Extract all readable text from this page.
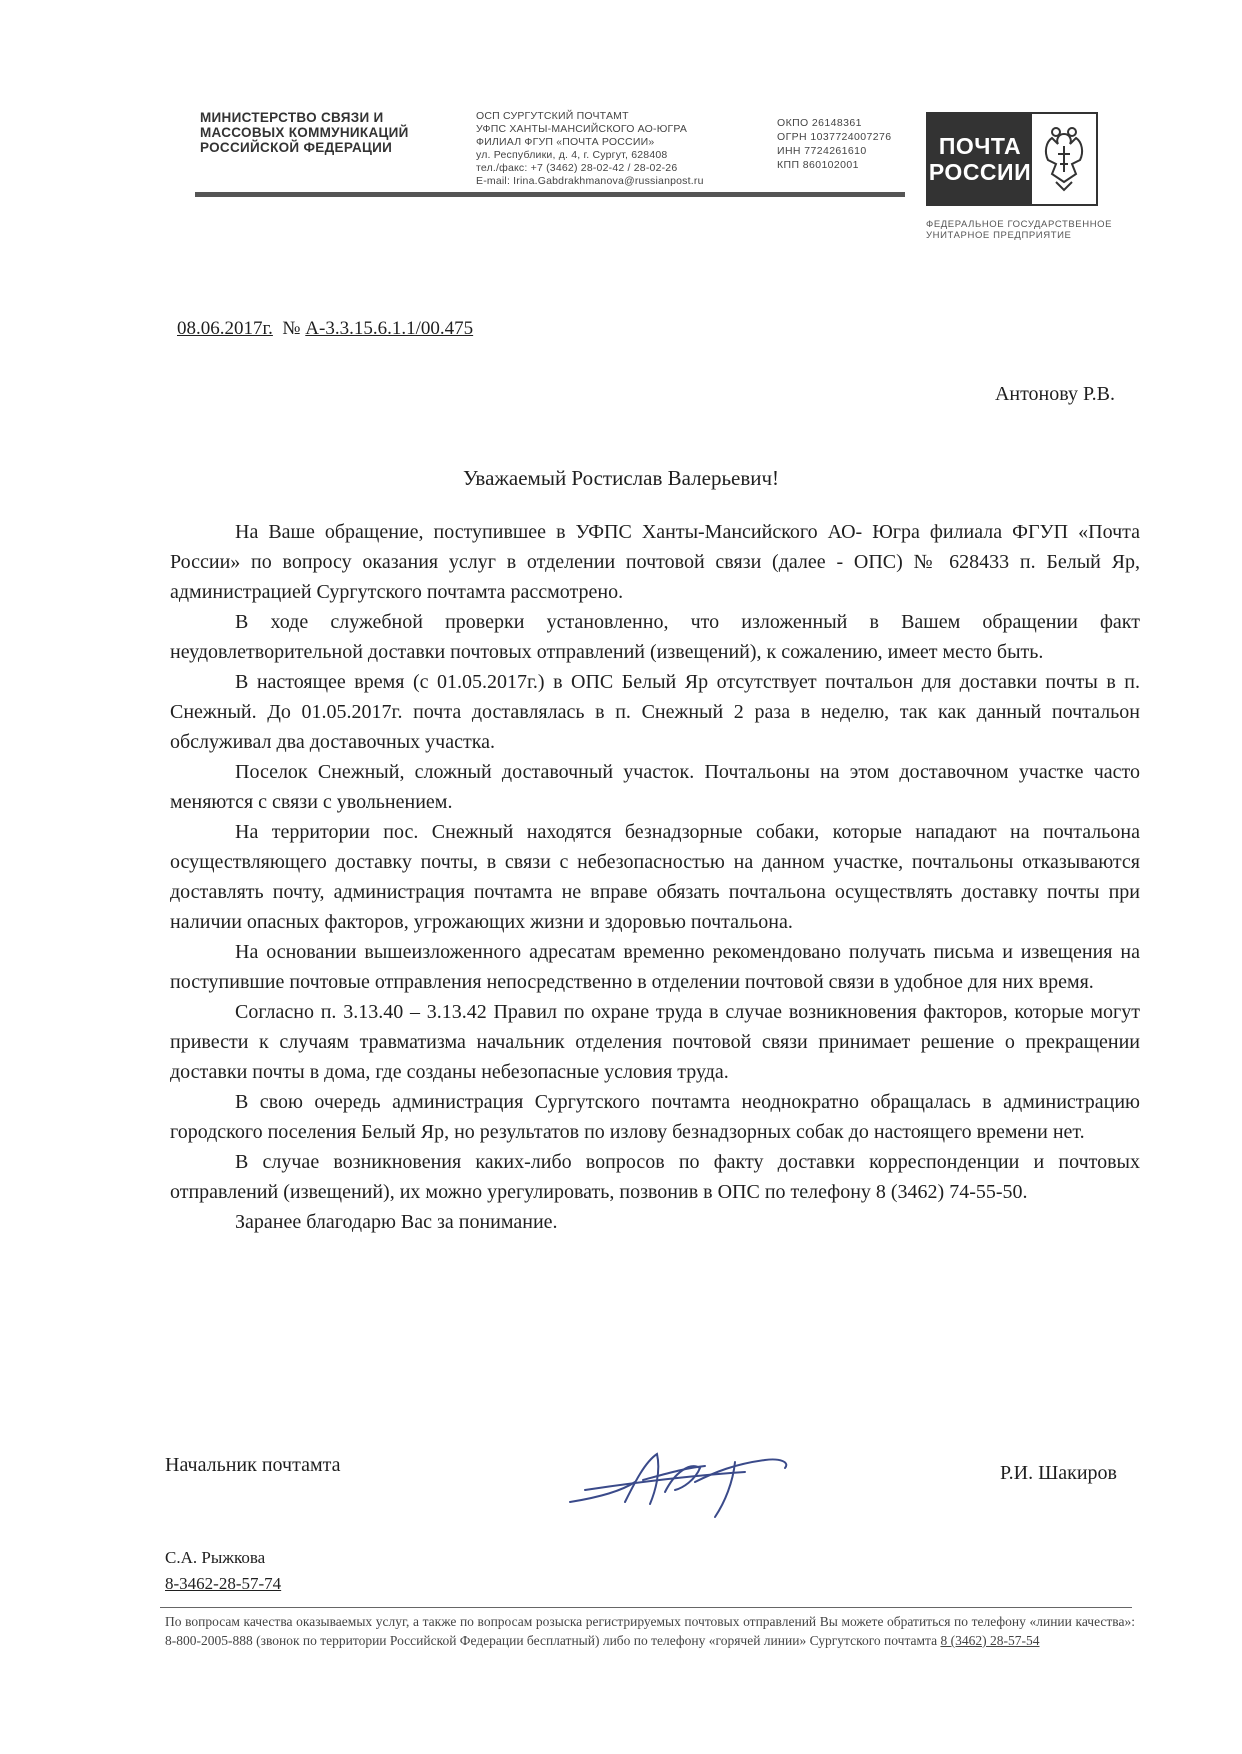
МИНИСТЕРСТВО СВЯЗИ И
МАССОВЫХ КОММУНИКАЦИЙ
РОССИЙСКОЙ ФЕДЕРАЦИИ
ОСП СУРГУТСКИЙ ПОЧТАМТ
УФПС ХАНТЫ-МАНСИЙСКОГО АО-ЮГРА
ФИЛИАЛ ФГУП «ПОЧТА РОССИИ»
ул. Республики, д. 4, г. Сургут, 628408
тел./факс: +7 (3462) 28-02-42 / 28-02-26
E-mail: Irina.Gabdrakhmanova@russianpost.ru
ОКПО 26148361
ОГРН 1037724007276
ИНН 7724261610
КПП 860102001
ПОЧТА
РОССИИ
ФЕДЕРАЛЬНОЕ ГОСУДАРСТВЕННОЕ
УНИТАРНОЕ ПРЕДПРИЯТИЕ
08.06.2017г. № А-3.3.15.6.1.1/00.475
Антонову Р.В.
Уважаемый Ростислав Валерьевич!

На Ваше обращение, поступившее в УФПС Ханты-Мансийского АО- Югра филиала ФГУП «Почта России» по вопросу оказания услуг в отделении почтовой связи (далее - ОПС) № 628433 п. Белый Яр, администрацией Сургутского почтамта рассмотрено.

В ходе служебной проверки установленно, что изложенный в Вашем обращении факт неудовлетворительной доставки почтовых отправлений (извещений), к сожалению, имеет место быть.

В настоящее время (с 01.05.2017г.) в ОПС Белый Яр отсутствует почтальон для доставки почты в п. Снежный. До 01.05.2017г. почта доставлялась в п. Снежный 2 раза в неделю, так как данный почтальон обслуживал два доставочных участка.

Поселок Снежный, сложный доставочный участок. Почтальоны на этом доставочном участке часто меняются с связи с увольнением.

На территории пос. Снежный находятся безнадзорные собаки, которые нападают на почтальона осуществляющего доставку почты, в связи с небезопасностью на данном участке, почтальоны отказываются доставлять почту, администрация почтамта не вправе обязать почтальона осуществлять доставку почты при наличии опасных факторов, угрожающих жизни и здоровью почтальона.

На основании вышеизложенного адресатам временно рекомендовано получать письма и извещения на поступившие почтовые отправления непосредственно в отделении почтовой связи в удобное для них время.

Согласно п. 3.13.40 – 3.13.42 Правил по охране труда в случае возникновения факторов, которые могут привести к случаям травматизма начальник отделения почтовой связи принимает решение о прекращении доставки почты в дома, где созданы небезопасные условия труда.

В свою очередь администрация Сургутского почтамта неоднократно обращалась в администрацию городского поселения Белый Яр, но результатов по излову безнадзорных собак до настоящего времени нет.

В случае возникновения каких-либо вопросов по факту доставки корреспонденции и почтовых отправлений (извещений), их можно урегулировать, позвонив в ОПС по телефону 8 (3462) 74-55-50.

Заранее благодарю Вас за понимание.

Начальник почтамта	Р.И. Шакиров
С.А. Рыжкова
8-3462-28-57-74
По вопросам качества оказываемых услуг, а также по вопросам розыска регистрируемых почтовых отправлений Вы можете обратиться по телефону «линии качества»: 8-800-2005-888 (звонок по территории Российской Федерации бесплатный) либо по телефону «горячей линии» Сургутского почтамта 8 (3462) 28-57-54
